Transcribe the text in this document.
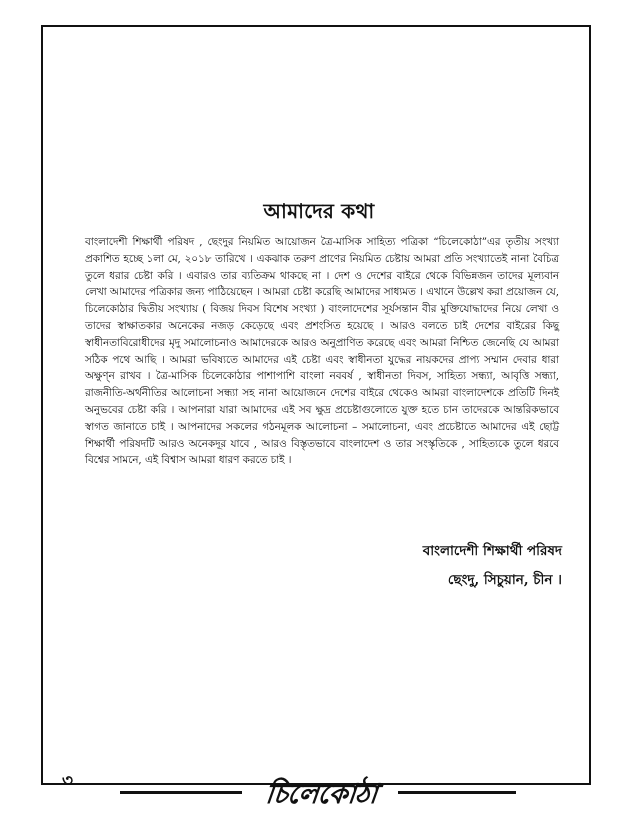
আমাদের কথা

বাংলাদেশী শিক্ষার্থী পরিষদ , ছেংদুর নিয়মিত আয়োজন ত্রৈ-মাসিক সাহিত্য পত্রিকা “চিলেকোঠা”এর তৃতীয় সংখ্যা প্রকাশিত হচ্ছে ১লা মে, ২০১৮ তারিখে । একঝাক তরুণ প্রাণের নিয়মিত চেষ্টায় আমরা প্রতি সংখ্যাতেই নানা বৈচিত্র তুলে ধরার চেষ্টা করি । এবারও তার ব্যতিক্রম থাকছে না । দেশ ও দেশের বাইরে থেকে বিভিন্নজন তাদের মূল্যবান লেখা আমাদের পত্রিকার জন্য পাঠিয়েছেন । আমরা চেষ্টা করেছি আমাদের সাধ্যমত । এখানে উল্লেখ করা প্রয়োজন যে, চিলেকোঠার দ্বিতীয় সংখ্যায় ( বিজয় দিবস বিশেষ সংখ্যা ) বাংলাদেশের সূর্যসন্তান বীর মুক্তিযোদ্ধাদের নিয়ে লেখা ও তাদের স্বাক্ষাতকার অনেকের নজড় কেড়েছে এবং প্রশংসিত হয়েছে । আরও বলতে চাই দেশের বাইরের কিছু স্বাধীনতাবিরোধীদের মৃদু সমালোচনাও আমাদেরকে আরও অনুপ্রাণিত করেছে এবং আমরা নিশ্চিত জেনেছি যে আমরা সঠিক পথে আছি । আমরা ভবিষ্যতে আমাদের এই চেষ্টা এবং স্বাধীনতা যুদ্ধের নায়কদের প্রাপ্য সম্মান দেবার ধারা অক্ষুণ্ন রাখব । ত্রৈ-মাসিক চিলেকোঠার পাশাপাশি বাংলা নববর্ষ , স্বাধীনতা দিবস, সাহিত্য সন্ধ্যা, আবৃত্তি সন্ধ্যা, রাজনীতি-অর্থনীতির আলোচনা সন্ধ্যা সহ নানা আয়োজনে দেশের বাইরে থেকেও আমরা বাংলাদেশকে প্রতিটি দিনই অনুভবের চেষ্টা করি । আপনারা যারা আমাদের এই সব ক্ষুদ্র প্রচেষ্টাগুলোতে যুক্ত হতে চান তাদেরকে আন্তরিকভাবে স্বাগত জানাতে চাই । আপনাদের সকলের গঠনমূলক আলোচনা – সমালোচনা, এবং প্রচেষ্টাতে আমাদের এই ছোট্ট শিক্ষার্থী পরিষদটি আরও অনেকদূর যাবে , আরও বিস্তৃতভাবে বাংলাদেশ ও তার সংস্কৃতিকে , সাহিত্যকে তুলে ধরবে বিশ্বের সামনে, এই বিশ্বাস আমরা ধারণ করতে চাই ।

বাংলাদেশী শিক্ষার্থী পরিষদ
ছেংদু, সিচুয়ান, চীন ।
৩	চিলেকোঠা
